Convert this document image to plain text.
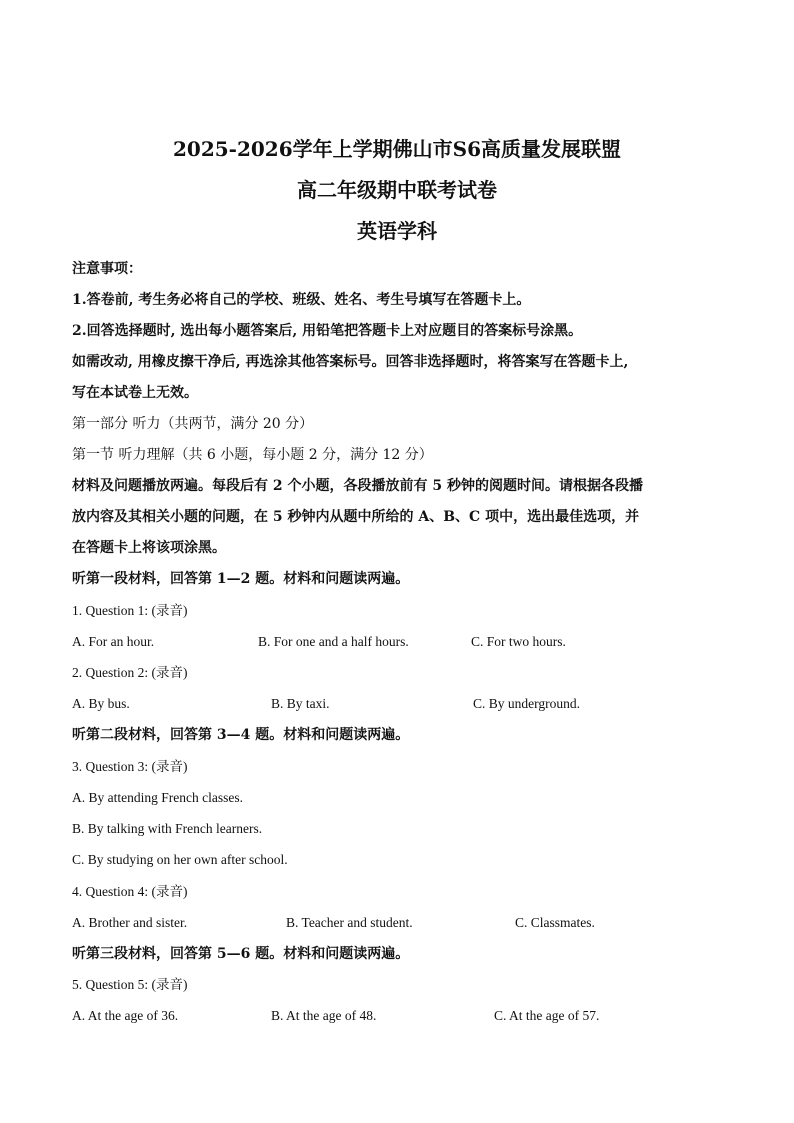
2025-2026学年上学期佛山市S6高质量发展联盟
高二年级期中联考试卷
英语学科
注意事项：
1.答卷前, 考生务必将自己的学校、班级、姓名、考生号填写在答题卡上。
2.回答选择题时, 选出每小题答案后, 用铅笔把答题卡上对应题目的答案标号涂黑。
如需改动, 用橡皮擦干净后, 再选涂其他答案标号。回答非选择题时，将答案写在答题卡上,
写在本试卷上无效。
第一部分 听力（共两节，满分 20 分）
第一节 听力理解（共 6 小题，每小题 2 分，满分 12 分）
材料及问题播放两遍。每段后有 2 个小题，各段播放前有 5 秒钟的阅题时间。请根据各段播
放内容及其相关小题的问题，在 5 秒钟内从题中所给的 A、B、C 项中，选出最佳选项，并
在答题卡上将该项涂黑。
听第一段材料，回答第 1—2 题。材料和问题读两遍。
1. Question 1: (录音)
A. For an hour.	B. For one and a half hours.	C. For two hours.
2. Question 2: (录音)
A. By bus.	B. By taxi.	C. By underground.
听第二段材料，回答第 3—4 题。材料和问题读两遍。
3. Question 3: (录音)
A. By attending French classes.
B. By talking with French learners.
C. By studying on her own after school.
4. Question 4: (录音)
A. Brother and sister.	B. Teacher and student.	C. Classmates.
听第三段材料，回答第 5—6 题。材料和问题读两遍。
5. Question 5: (录音)
A. At the age of 36.	B. At the age of 48.	C. At the age of 57.
